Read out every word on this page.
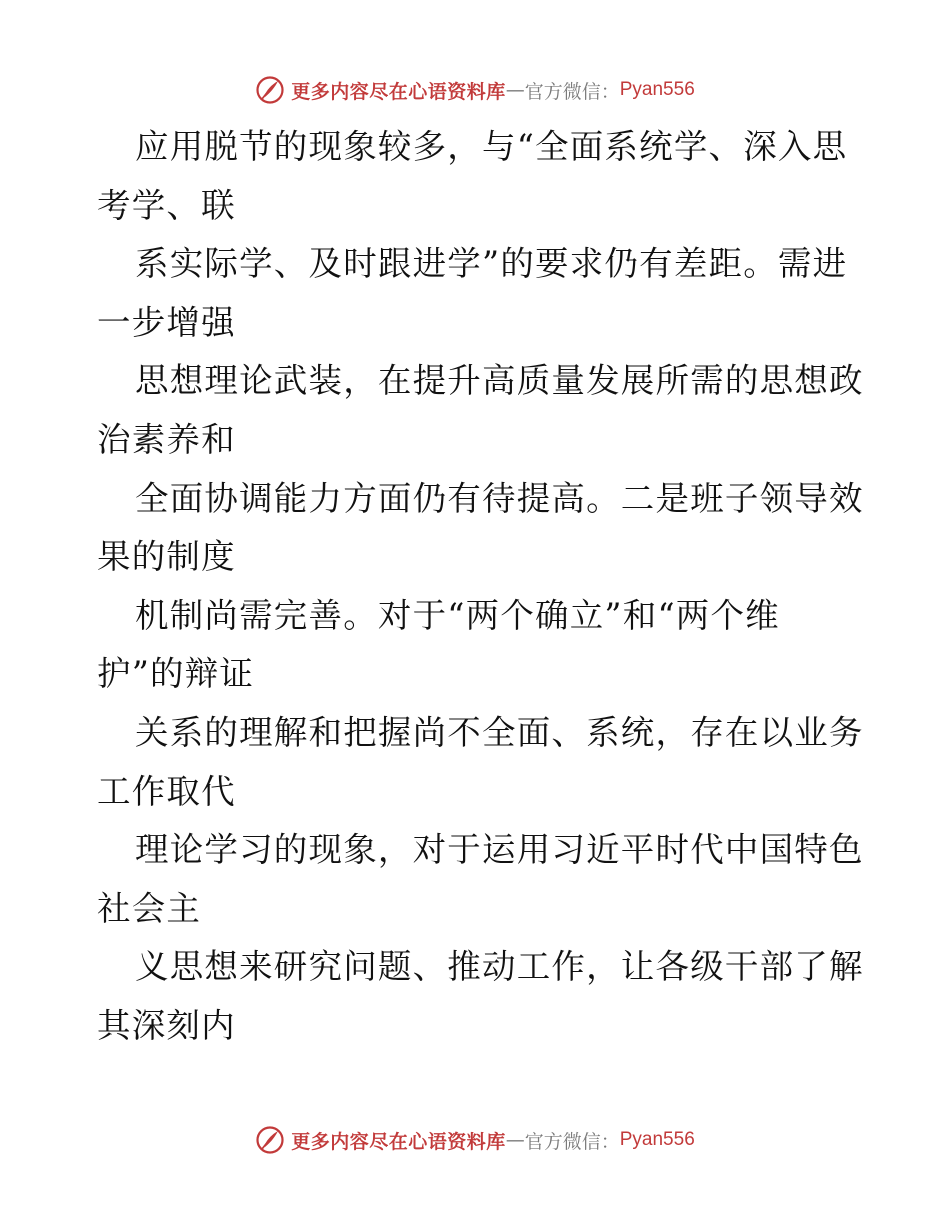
更多内容尽在心语资料库 — 官方微信： Pyan556
应用脱节的现象较多，与“全面系统学、深入思
考学、联
系实际学、及时跟进学”的要求仍有差距。需进
一步增强
思想理论武装，在提升高质量发展所需的思想政
治素养和
全面协调能力方面仍有待提高。二是班子领导效
果的制度
机制尚需完善。对于“两个确立”和“两个维
护”的辩证
关系的理解和把握尚不全面、系统，存在以业务
工作取代
理论学习的现象，对于运用习近平时代中国特色
社会主
义思想来研究问题、推动工作，让各级干部了解
其深刻内
更多内容尽在心语资料库 — 官方微信： Pyan556
